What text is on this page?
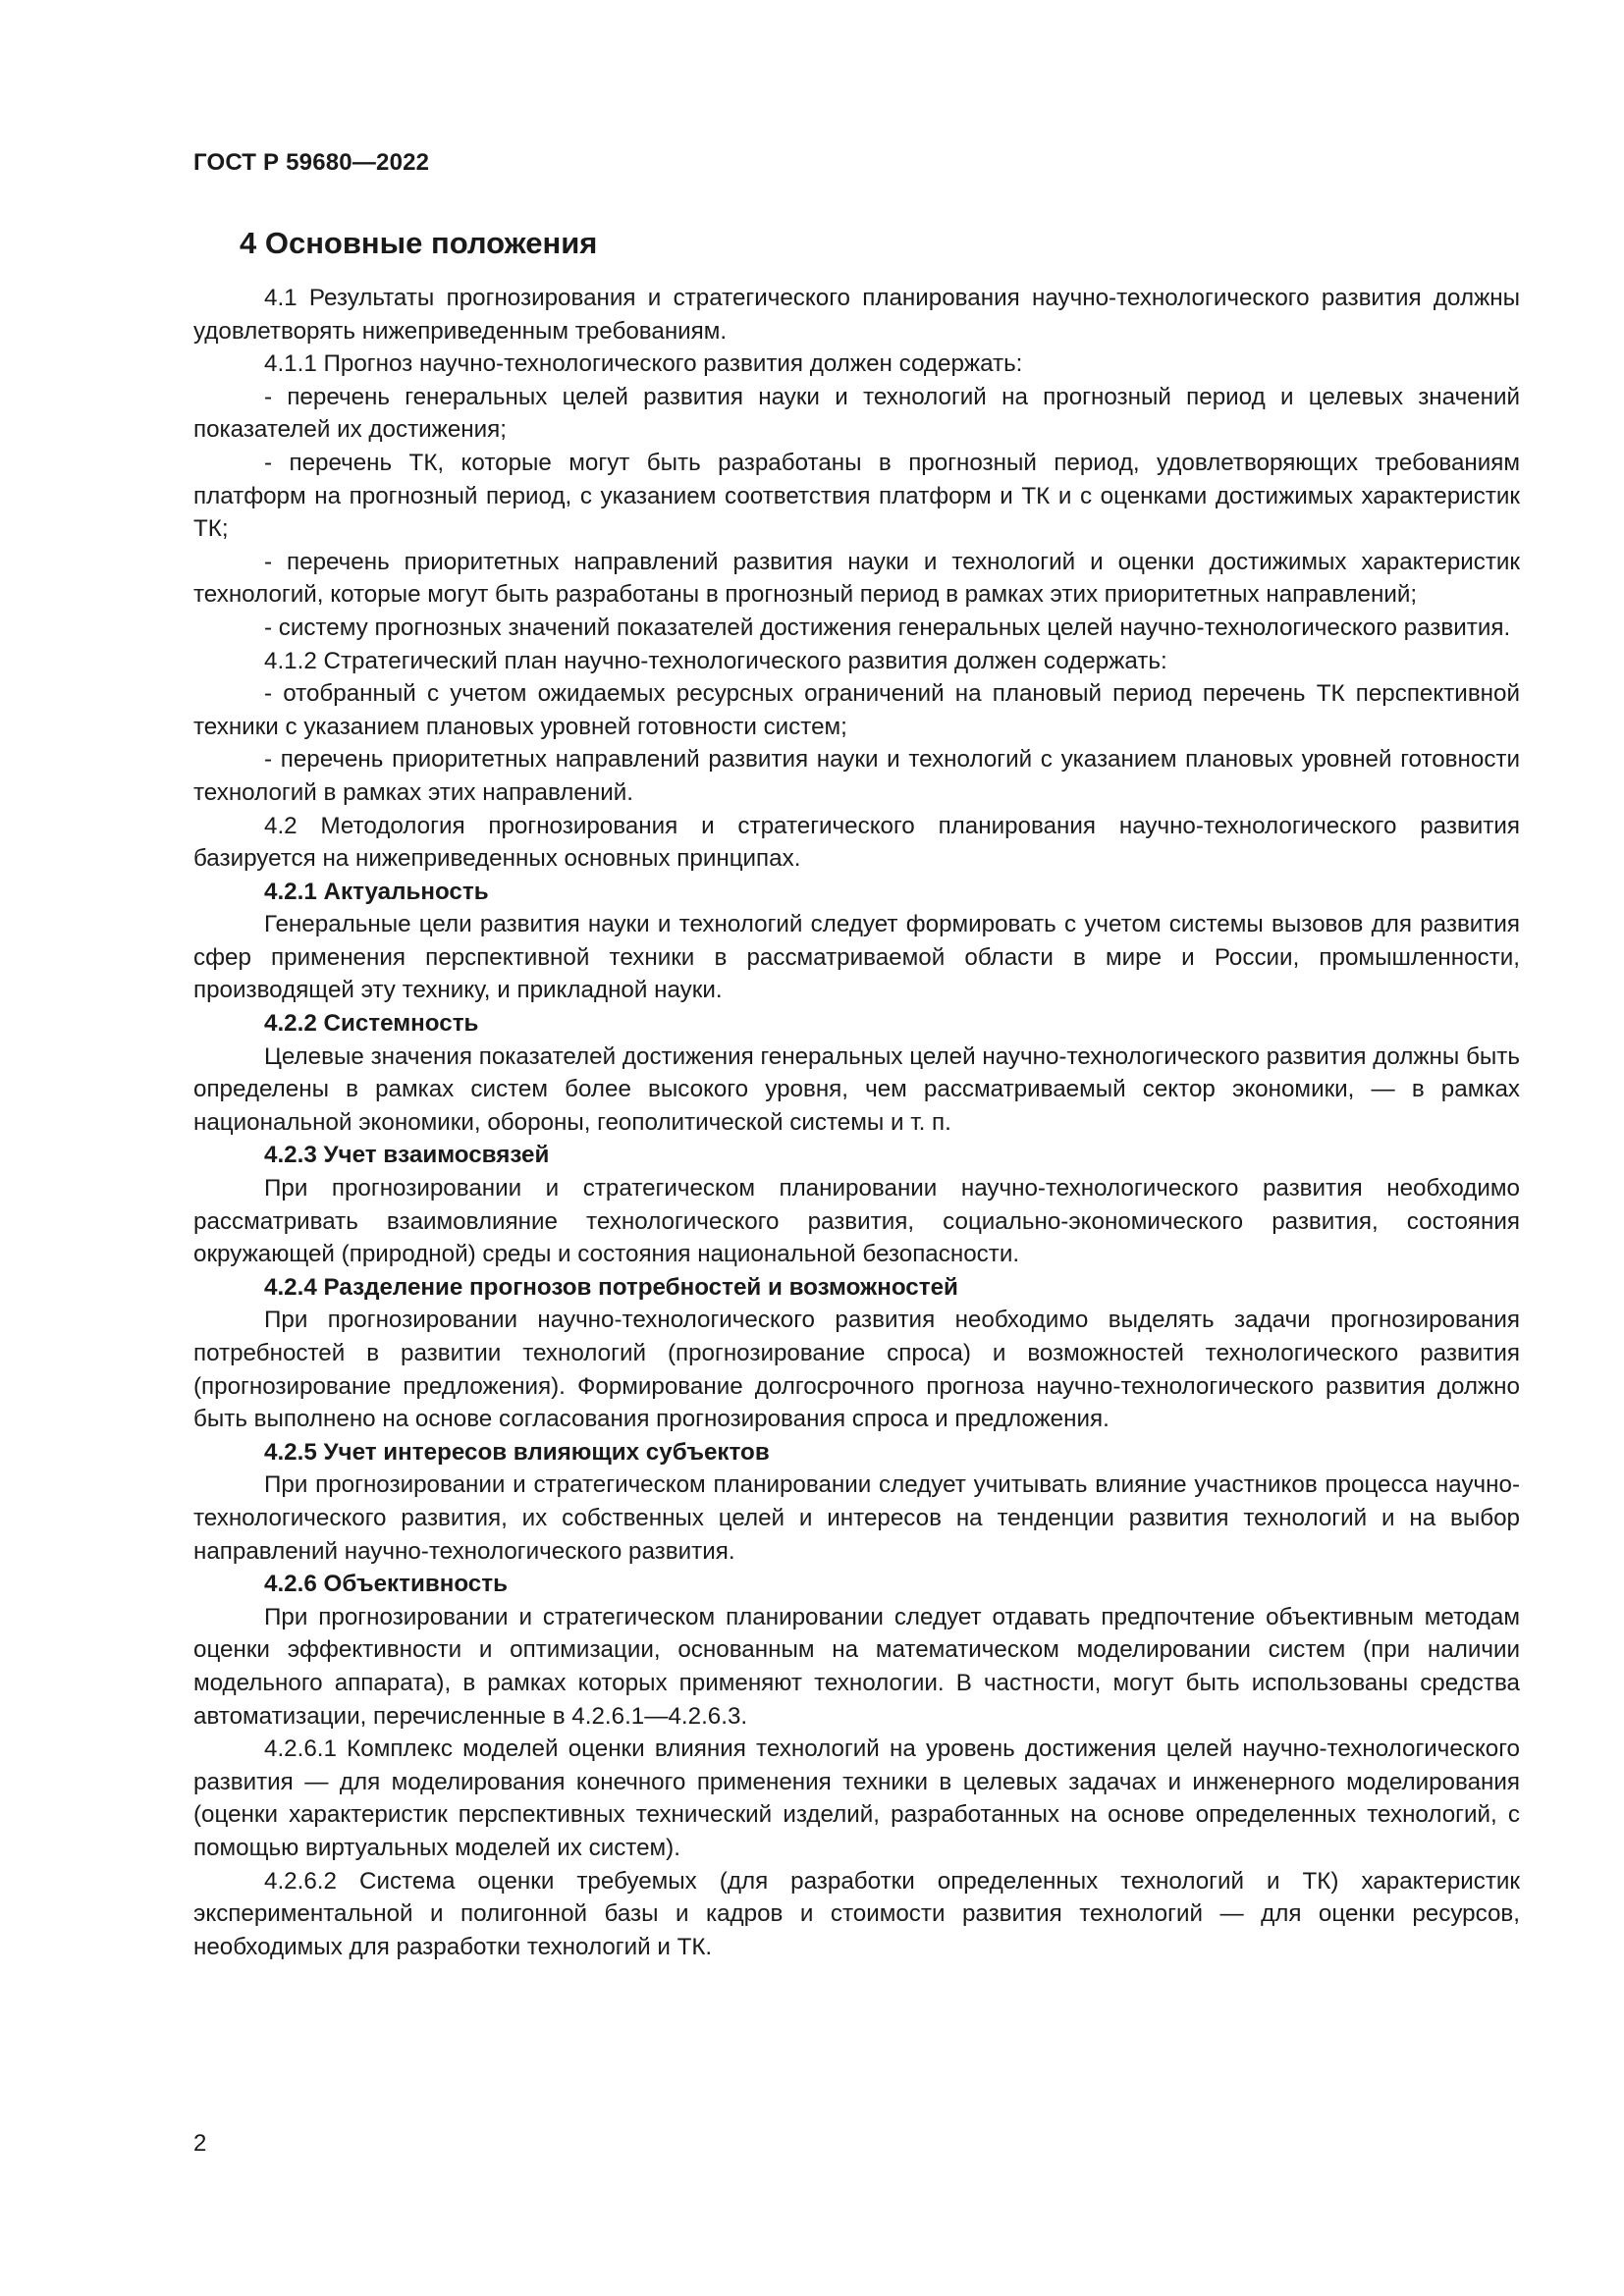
ГОСТ Р 59680—2022
4 Основные положения

4.1 Результаты прогнозирования и стратегического планирования научно-технологического развития должны удовлетворять нижеприведенным требованиям.

4.1.1 Прогноз научно-технологического развития должен содержать:

- перечень генеральных целей развития науки и технологий на прогнозный период и целевых значений показателей их достижения;

- перечень ТК, которые могут быть разработаны в прогнозный период, удовлетворяющих требованиям платформ на прогнозный период, с указанием соответствия платформ и ТК и с оценками достижимых характеристик ТК;

- перечень приоритетных направлений развития науки и технологий и оценки достижимых характеристик технологий, которые могут быть разработаны в прогнозный период в рамках этих приоритетных направлений;

- систему прогнозных значений показателей достижения генеральных целей научно-технологического развития.

4.1.2 Стратегический план научно-технологического развития должен содержать:

- отобранный с учетом ожидаемых ресурсных ограничений на плановый период перечень ТК перспективной техники с указанием плановых уровней готовности систем;

- перечень приоритетных направлений развития науки и технологий с указанием плановых уровней готовности технологий в рамках этих направлений.

4.2 Методология прогнозирования и стратегического планирования научно-технологического развития базируется на нижеприведенных основных принципах.

4.2.1 Актуальность

Генеральные цели развития науки и технологий следует формировать с учетом системы вызовов для развития сфер применения перспективной техники в рассматриваемой области в мире и России, промышленности, производящей эту технику, и прикладной науки.

4.2.2 Системность

Целевые значения показателей достижения генеральных целей научно-технологического развития должны быть определены в рамках систем более высокого уровня, чем рассматриваемый сектор экономики, — в рамках национальной экономики, обороны, геополитической системы и т. п.

4.2.3 Учет взаимосвязей

При прогнозировании и стратегическом планировании научно-технологического развития необходимо рассматривать взаимовлияние технологического развития, социально-экономического развития, состояния окружающей (природной) среды и состояния национальной безопасности.

4.2.4 Разделение прогнозов потребностей и возможностей

При прогнозировании научно-технологического развития необходимо выделять задачи прогнозирования потребностей в развитии технологий (прогнозирование спроса) и возможностей технологического развития (прогнозирование предложения). Формирование долгосрочного прогноза научно-технологического развития должно быть выполнено на основе согласования прогнозирования спроса и предложения.

4.2.5 Учет интересов влияющих субъектов

При прогнозировании и стратегическом планировании следует учитывать влияние участников процесса научно-технологического развития, их собственных целей и интересов на тенденции развития технологий и на выбор направлений научно-технологического развития.

4.2.6 Объективность

При прогнозировании и стратегическом планировании следует отдавать предпочтение объективным методам оценки эффективности и оптимизации, основанным на математическом моделировании систем (при наличии модельного аппарата), в рамках которых применяют технологии. В частности, могут быть использованы средства автоматизации, перечисленные в 4.2.6.1—4.2.6.3.

4.2.6.1 Комплекс моделей оценки влияния технологий на уровень достижения целей научно-технологического развития — для моделирования конечного применения техники в целевых задачах и инженерного моделирования (оценки характеристик перспективных технический изделий, разработанных на основе определенных технологий, с помощью виртуальных моделей их систем).

4.2.6.2 Система оценки требуемых (для разработки определенных технологий и ТК) характеристик экспериментальной и полигонной базы и кадров и стоимости развития технологий — для оценки ресурсов, необходимых для разработки технологий и ТК.

2
